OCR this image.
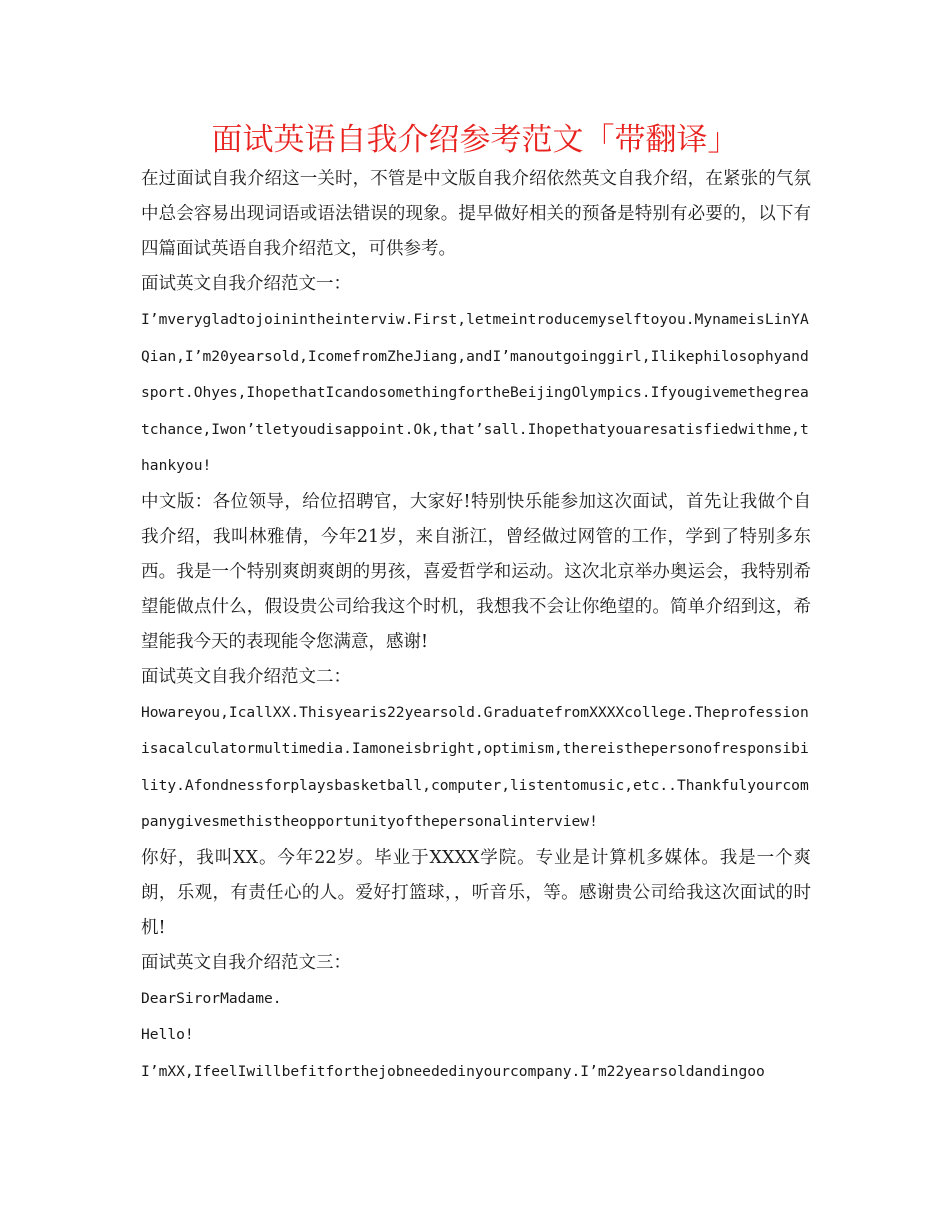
面试英语自我介绍参考范文「带翻译」

在过面试自我介绍这一关时，不管是中文版自我介绍依然英文自我介绍，在紧张的气氛中总会容易出现词语或语法错误的现象。提早做好相关的预备是特别有必要的，以下有四篇面试英语自我介绍范文，可供参考。

面试英文自我介绍范文一：

I’mverygladtojoinintheinterviw.First,letmeintroducemyselftoyou.MynameisLinYAQian,I’m20yearsold,IcomefromZheJiang,andI’manoutgoinggirl,Ilikephilosophyandsport.Ohyes,IhopethatIcandosomethingfortheBeijingOlympics.Ifyougivemethegreatchance,Iwon’tletyoudisappoint.Ok,that’sall.Ihopethatyouaresatisfiedwithme,thankyou!

中文版：各位领导，给位招聘官，大家好!特别快乐能参加这次面试，首先让我做个自我介绍，我叫林雅倩，今年21岁，来自浙江，曾经做过网管的工作，学到了特别多东西。我是一个特别爽朗爽朗的男孩，喜爱哲学和运动。这次北京举办奥运会，我特别希望能做点什么，假设贵公司给我这个时机，我想我不会让你绝望的。简单介绍到这，希望能我今天的表现能令您满意，感谢!

面试英文自我介绍范文二：

Howareyou,IcallXX.Thisyearis22yearsold.GraduatefromXXXXcollege.Theprofessionisacalculatormultimedia.Iamoneisbright,optimism,thereisthepersonofresponsibility.Afondnessforplaysbasketball,computer,listentomusic,etc..Thankfulyourcompanygivesmethistheopportunityofthepersonalinterview!

你好，我叫XX。今年22岁。毕业于XXXX学院。专业是计算机多媒体。我是一个爽朗，乐观，有责任心的人。爱好打篮球，，听音乐，等。感谢贵公司给我这次面试的时机!

面试英文自我介绍范文三：

DearSirorMadame.

Hello!

I’mXX,IfeelIwillbefitforthejobneededinyourcompany.I’m22yearsoldandingoo
